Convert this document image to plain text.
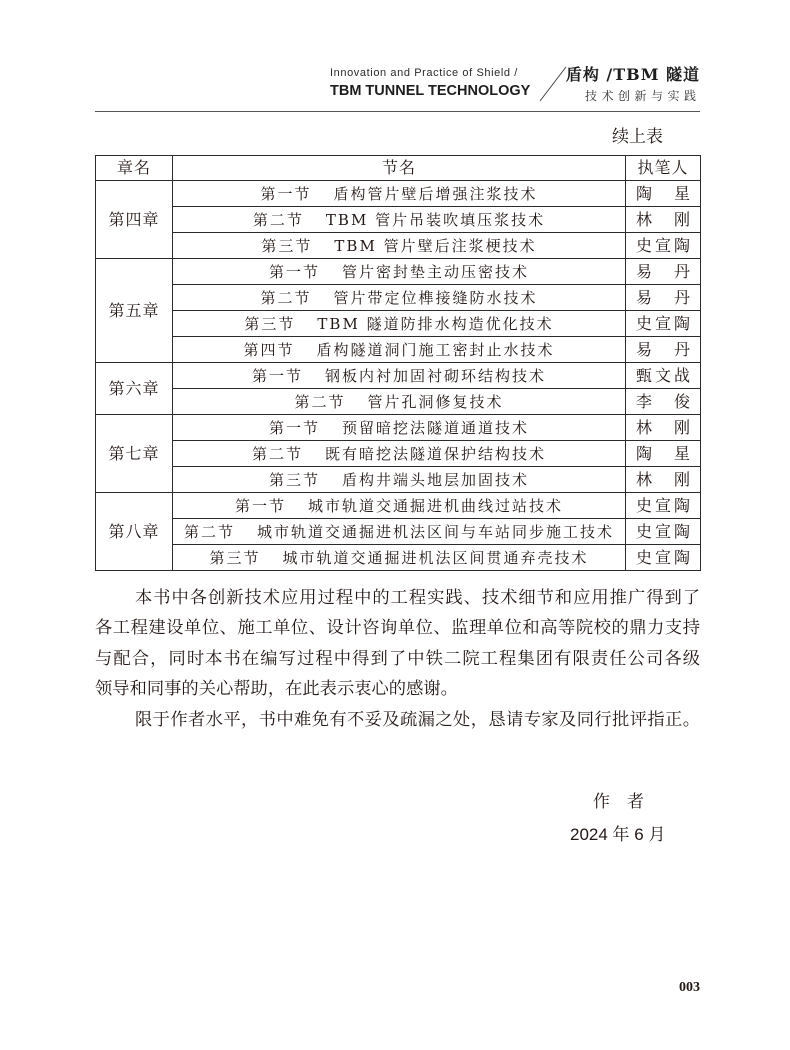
Innovation and Practice of Shield /
TBM TUNNEL TECHNOLOGY
盾构 /TBM 隧道
技术创新与实践
续上表
章名	节名	执笔人
第四章	第一节 盾构管片壁后增强注浆技术	陶　星
	第二节 TBM 管片吊装吹填压浆技术	林　刚
	第三节 TBM 管片壁后注浆梗技术	史宣陶
第五章	第一节 管片密封垫主动压密技术	易　丹
	第二节 管片带定位榫接缝防水技术	易　丹
	第三节 TBM 隧道防排水构造优化技术	史宣陶
	第四节 盾构隧道洞门施工密封止水技术	易　丹
第六章	第一节 钢板内衬加固衬砌环结构技术	甄文战
	第二节 管片孔洞修复技术	李　俊
第七章	第一节 预留暗挖法隧道通道技术	林　刚
	第二节 既有暗挖法隧道保护结构技术	陶　星
	第三节 盾构井端头地层加固技术	林　刚
第八章	第一节 城市轨道交通掘进机曲线过站技术	史宣陶
	第二节 城市轨道交通掘进机法区间与车站同步施工技术	史宣陶
	第三节 城市轨道交通掘进机法区间贯通弃壳技术	史宣陶
本书中各创新技术应用过程中的工程实践、技术细节和应用推广得到了
各工程建设单位、施工单位、设计咨询单位、监理单位和高等院校的鼎力支持
与配合，同时本书在编写过程中得到了中铁二院工程集团有限责任公司各级
领导和同事的关心帮助，在此表示衷心的感谢。
限于作者水平，书中难免有不妥及疏漏之处，恳请专家及同行批评指正。
作　者
2024 年 6 月
003
